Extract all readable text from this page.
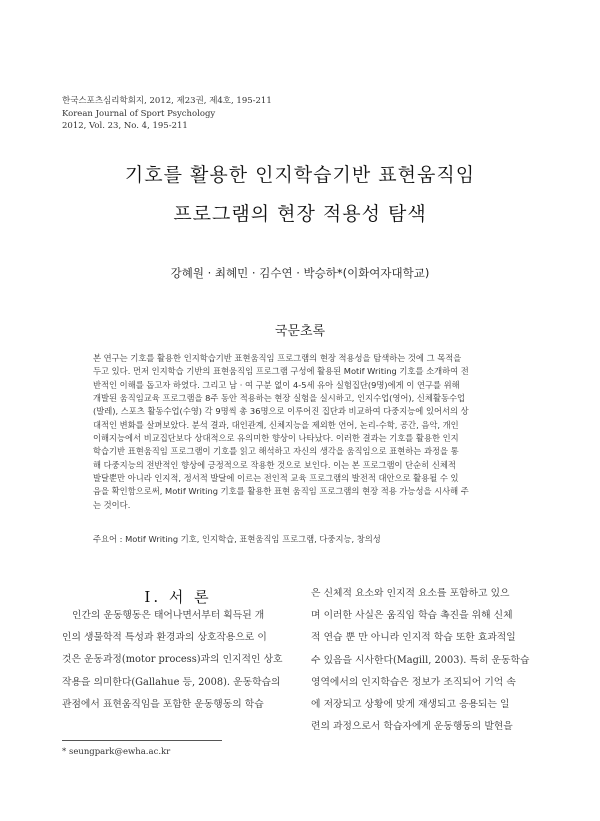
한국스포츠심리학회지, 2012, 제23권, 제4호, 195-211
Korean Journal of Sport Psychology
2012, Vol. 23, No. 4, 195-211
기호를 활용한 인지학습기반 표현움직임
프로그램의 현장 적용성 탐색
강혜원 · 최혜민 · 김수연 · 박승하*(이화여자대학교)
국문초록
본 연구는 기호를 활용한 인지학습기반 표현움직임 프로그램의 현장 적용성을 탐색하는 것에 그 목적을
두고 있다. 먼저 인지학습 기반의 표현움직임 프로그램 구성에 활용된 Motif Writing 기호를 소개하여 전
반적인 이해를 돕고자 하였다. 그리고 남 · 여 구분 없이 4-5세 유아 실험집단(9명)에게 이 연구를 위해
개발된 움직임교육 프로그램을 8주 동안 적용하는 현장 실험을 실시하고, 인지수업(영어), 신체활동수업
(발레), 스포츠 활동수업(수영) 각 9명씩 총 36명으로 이루어진 집단과 비교하여 다중지능에 있어서의 상
대적인 변화를 살펴보았다. 분석 결과, 대인관계, 신체지능을 제외한 언어, 논리-수학, 공간, 음악, 개인
이해지능에서 비교집단보다 상대적으로 유의미한 향상이 나타났다. 이러한 결과는 기호를 활용한 인지
학습기반 표현움직임 프로그램이 기호를 읽고 해석하고 자신의 생각을 움직임으로 표현하는 과정을 통
해 다중지능의 전반적인 향상에 긍정적으로 작용한 것으로 보인다. 이는 본 프로그램이 단순히 신체적
발달뿐만 아니라 인지적, 정서적 발달에 이르는 전인적 교육 프로그램의 발전적 대안으로 활용될 수 있
음을 확인함으로써, Motif Writing 기호를 활용한 표현 움직임 프로그램의 현장 적용 가능성을 시사해 주
는 것이다.
주요어 : Motif Writing 기호, 인지학습, 표현움직임 프로그램, 다중지능, 창의성
Ⅰ. 서 론
인간의 운동행동은 태어나면서부터 획득된 개
인의 생물학적 특성과 환경과의 상호작용으로 이
것은 운동과정(motor process)과의 인지적인 상호
작용을 의미한다(Gallahue 등, 2008). 운동학습의
관점에서 표현움직임을 포함한 운동행동의 학습
은 신체적 요소와 인지적 요소를 포함하고 있으
며 이러한 사실은 움직임 학습 촉진을 위해 신체
적 연습 뿐 만 아니라 인지적 학습 또한 효과적일
수 있음을 시사한다(Magill, 2003). 특히 운동학습
영역에서의 인지학습은 정보가 조직되어 기억 속
에 저장되고 상황에 맞게 재생되고 응용되는 일
련의 과정으로서 학습자에게 운동행동의 발현을
* seungpark@ewha.ac.kr
